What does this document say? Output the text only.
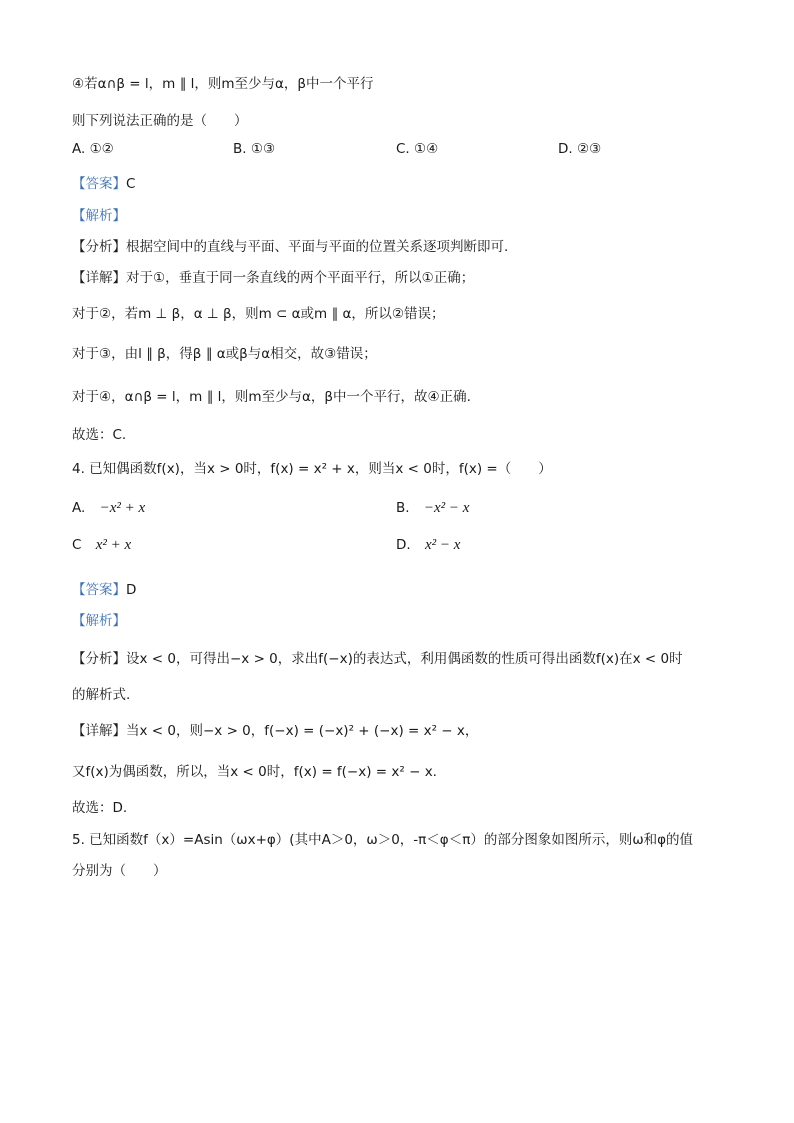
④若α∩β = l，m ∥ l，则m至少与α，β中一个平行
则下列说法正确的是（　　）
A. ①②	B. ①③	C. ①④	D. ②③
【答案】C
【解析】
【分析】根据空间中的直线与平面、平面与平面的位置关系逐项判断即可.
【详解】对于①，垂直于同一条直线的两个平面平行，所以①正确；
对于②，若m ⊥ β，α ⊥ β，则m ⊂ α或m ∥ α，所以②错误；
对于③，由l ∥ β，得β ∥ α或β与α相交，故③错误；
对于④，α∩β = l，m ∥ l，则m至少与α，β中一个平行，故④正确.
故选：C.
4. 已知偶函数f(x)，当x > 0时，f(x) = x² + x，则当x < 0时，f(x) =（　　）
A. −x² + x	B. −x² − x
C x² + x	D. x² − x
【答案】D
【解析】
【分析】设x < 0，可得出−x > 0，求出f(−x)的表达式，利用偶函数的性质可得出函数f(x)在x < 0时
的解析式.
【详解】当x < 0，则−x > 0，f(−x) = (−x)² + (−x) = x² − x，
又f(x)为偶函数，所以，当x < 0时，f(x) = f(−x) = x² − x.
故选：D.
5. 已知函数f（x）=Asin（ωx+φ）(其中A＞0，ω＞0，-π＜φ＜π）的部分图象如图所示，则ω和φ的值
分别为（　　）
